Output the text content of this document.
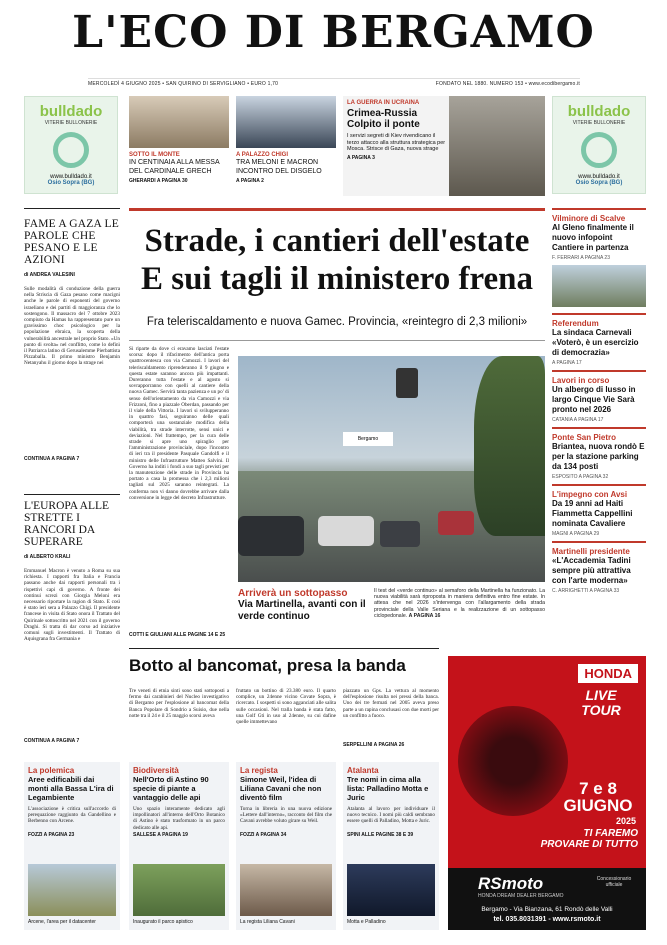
L'ECO DI BERGAMO
MERCOLEDÌ 4 GIUGNO 2025 • SAN QUIRINO DI SERVIGLIANO • EURO 1,70	FONDATO NEL 1880. NUMERO 153 • www.ecodibergamo.it
bulldado
VITERIE BULLONERIE
www.bulldado.it
Osio Sopra (BG)
bulldado
VITERIE BULLONERIE
www.bulldado.it
Osio Sopra (BG)
SOTTO IL MONTE
IN CENTINAIA ALLA MESSA DEL CARDINALE GRECH
GHERARDI A PAGINA 30
A PALAZZO CHIGI
TRA MELONI E MACRON INCONTRO DEL DISGELO
A PAGINA 2
LA GUERRA IN UCRAINA
Crimea-Russia Colpito il ponte
I servizi segreti di Kiev rivendicano il terzo attacco alla struttura strategica per Mosca. Strisce di Gaza, nuova strage
A PAGINA 3
FAME A GAZA LE PAROLE CHE PESANO E LE AZIONI
di ANDREA VALESINI
Sulle modalità di conduzione della guerra nella Striscia di Gaza pesano come macigni anche le parole di esponenti del governo israeliano e dei partiti di maggioranza che lo sostengono. Il massacro del 7 ottobre 2023 compiuto da Hamas ha rappresentato pure un gravissimo choc psicologico per la popolazione ebraica, la scoperta della vulnerabilità ancestrale nel proprio Stato. «Un punto di svolta» nel conflitto, come lo definì il Patriarca latino di Gerusalemme Pierbattista Pizzaballa. Il primo ministro Benjamin Netanyahu il giorno dopo la strage nei
CONTINUA A PAGINA 7
L'EUROPA ALLE STRETTE I RANCORI DA SUPERARE
di ALBERTO KRALI
Emmanuel Macron è venuto a Roma su sua richiesta. I rapporti fra Italia e Francia passano anche dai rapporti personali tra i rispettivi capi di governo. A fronte dei continui screzi con Giorgia Meloni era necessario riportare la ragion di Stato. E così è stato ieri sera a Palazzo Chigi. Il presidente francese in visita di Stato onora il Trattato del Quirinale sottoscritto nel 2021 con il governo Draghi. Si tratta di dar corso ad iniziative comuni sugli investimenti. Il Trattato di Aquisgrana fra Germania e
CONTINUA A PAGINA 7
Strade, i cantieri dell'estate
E sui tagli il ministero frena
Fra teleriscaldamento e nuova Gamec. Provincia, «reintegro di 2,3 milioni»
Si riparte da dove ci eravamo lasciati l'estate scorsa: dopo il rifacimento dell'antica porta quattrocentesca con via Camozzi. I lavori del teleriscaldamento riprenderanno il 9 giugno e questa estate saranno ancora più impattanti. Dureranno tutta l'estate e al agosto si sovrapporranno con quelli al cantiere della nuova Gamec. Servirà tanta pazienza e un po' di senso dell'orientamento da via Camozzi e via Frizzoni, fino a piazzale Oberdan, passando per il viale della Vittoria. I lavori si svilupperanno in quattro fasi, seguiranno delle quali comporterà una sostanziale modifica della viabilità, tra strade interrotte, sensi unici e deviazioni. Nel frattempo, per la cura delle strade si apre uno spiraglio per l'amministrazione provinciale, dopo l'incontro di ieri tra il presidente Pasquale Gandolfi e il ministro delle Infrastrutture Matteo Salvini. Il Governo ha inditi i fondi a suo tagli previsti per la manutenzione delle strade in Provincia ha portato a casa la promessa che i 2,3 milioni tagliati sul 2025 saranno reintegrati. La conferma non vi danno dovrebbe arrivare dalla conversione in legge del decreto Infrastrutture.
COTTI E GIULIANI ALLE PAGINE 14 E 25
Bergamo
Arriverà un sottopasso
Via Martinella, avanti con il verde continuo
Il test del «verde continuo» al semaforo della Martinella ha funzionato. La nuova viabilità sarà riproposta in maniera definitiva entro fine estate. In attesa che nel 2026 s'intervenga con l'allargamento della strada provinciale della Valle Seriana e la realizzazione di un sottopasso ciclopedonale. A PAGINA 16
Vilminore di Scalve
Al Gleno finalmente il nuovo infopoint Cantiere in partenza
F. FERRARI A PAGINA 23
Referendum
La sindaca Carnevali «Voterò, è un esercizio di democrazia»
A PAGINA 17
Lavori in corso
Un albergo di lusso in largo Cinque Vie Sarà pronto nel 2026
CATANIA A PAGINA 17
Ponte San Pietro
Brianteа, nuova rondò E per la stazione parking da 134 posti
ESPOSITO A PAGINA 32
L'impegno con Avsi
Da 19 anni ad Haiti Fiammetta Cappellini nominata Cavaliere
MAGNI A PAGINA 29
Martinelli presidente
«L'Accademia Tadini sempre più attrattiva con l'arte moderna»
C. ARRIGHETTI A PAGINA 33
Botto al bancomat, presa la banda
Tre veneti di etnia sinti sono stati sottoposti a fermo dai carabinieri del Nucleo investigativo di Bergamo per l'esplosione al bancomat della Banca Popolare di Sondrio a Suisio, due nella notte tra il 24 e il 25 maggio scorsi aveva
fruttato un bottino di 23.380 euro. Il quarto complice, un 24enne vicino Covate Sopra, è ricercato. I sospetti si sono agganciati alle salita sulle occasioni. Nel tralla banda è stata fatto, una Golf Gti in uso al 24enne, su cui dafine quelle immettevano
piazzato un Gps. La vettura al momento dell'esplosione risulta nei pressi della banca. Uno dei tre fermati nel 2005 aveva preso parte a un rapina conclusasi con due morti per un conflitto a fuoco.
SERPELLINI A PAGINA 26
La polemica
Aree edificabili dai monti alla Bassa L'ira di Legambiente
L'associazione è critica sull'accordo di perequazione raggiunto da Gandellino e Berbenno con Arcene.
FOZZI A PAGINA 23
Arcene, l'area per il datacenter
Biodiversità
Nell'Orto di Astino 90 specie di piante a vantaggio delle api
Uno spazio interamente dedicato agli impollinatori all'interno dell'Orto Botanico di Astino è stato trasformato in un parco dedicato alle api.
SALLESE A PAGINA 19
Inaugurato il parco apistico
La regista
Simone Weil, l'idea di Liliana Cavani che non diventò film
Torna in libreria in una nuova edizione «Lettere dall'interno», racconto del film che Cavani avrebbe voluto girare su Weil.
FOZZI A PAGINA 34
La regista Liliana Cavani
Atalanta
Tre nomi in cima alla lista: Palladino Motta e Juric
Atalanta al lavoro per individuare il nuovo tecnico. I nomi più caldi sembrano essere quelli di Palladino, Motta e Juric.
SPINI ALLE PAGINE 38 E 39
Motta e Palladino
HONDA
LIVE TOUR
7 e 8 GIUGNO
2025
TI FAREMO PROVARE DI TUTTO
RSmoto
HONDA DREAM DEALER BERGAMO
Concessionario ufficiale
Bergamo - Via Bianzana, 61 Rondò delle Valli
tel. 035.8031391 - www.rsmoto.it
